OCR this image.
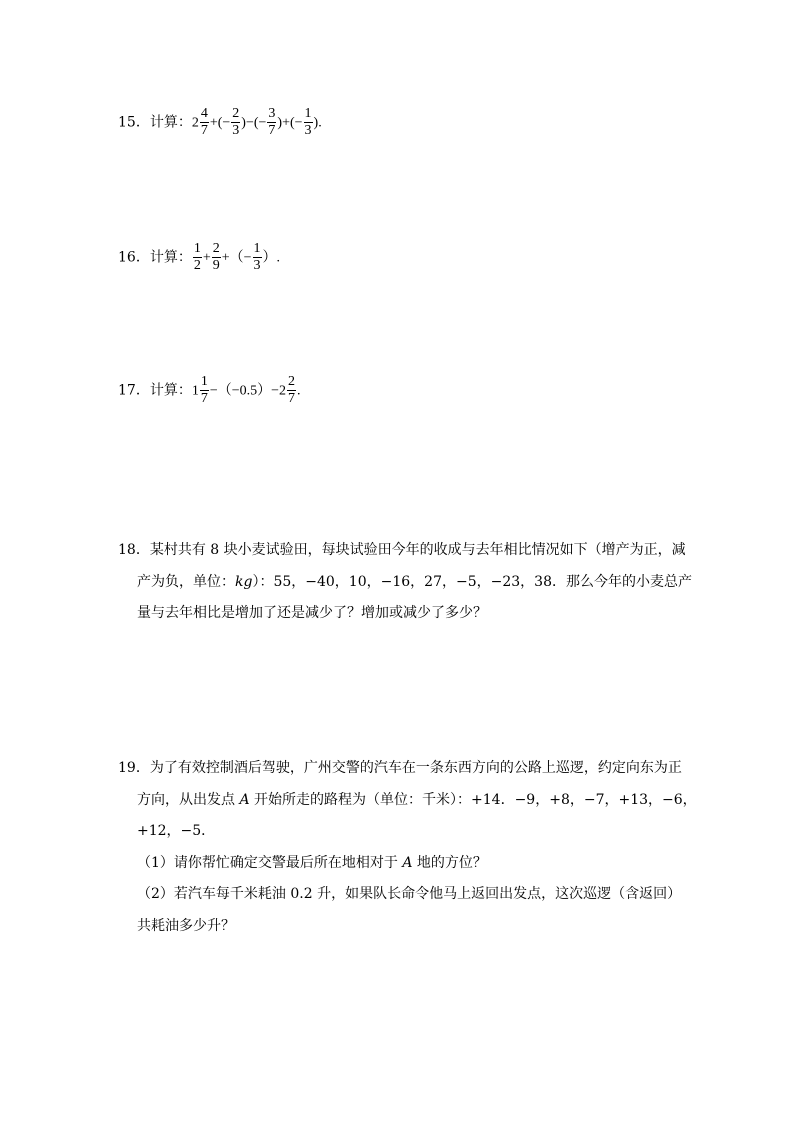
15．计算：$2 \frac{4}{7}$ +(− $\frac{2}{3}$ )−(− $\frac{3}{7}$ )+(− $\frac{1}{3}$ ).
16．计算： $\frac{1}{2} + \frac{2}{9}$ +（− $\frac{1}{3}$ ）.
17．计算：$1 \frac{1}{7} -(-0.5)-2 \frac{2}{7}$ .
18．某村共有 8 块小麦试验田，每块试验田今年的收成与去年相比情况如下（增产为正，减
产为负，单位：kg）：55，−40，10，−16，27，−5，−23，38．那么今年的小麦总产
量与去年相比是增加了还是减少了？增加或减少了多少？
19．为了有效控制酒后驾驶，广州交警的汽车在一条东西方向的公路上巡逻，约定向东为正
方向，从出发点 A 开始所走的路程为（单位：千米）：+14．−9，+8，−7，+13，−6，
+12，−5．
（1）请你帮忙确定交警最后所在地相对于 A 地的方位？
（2）若汽车每千米耗油 0.2 升，如果队长命令他马上返回出发点，这次巡逻（含返回）
共耗油多少升？
